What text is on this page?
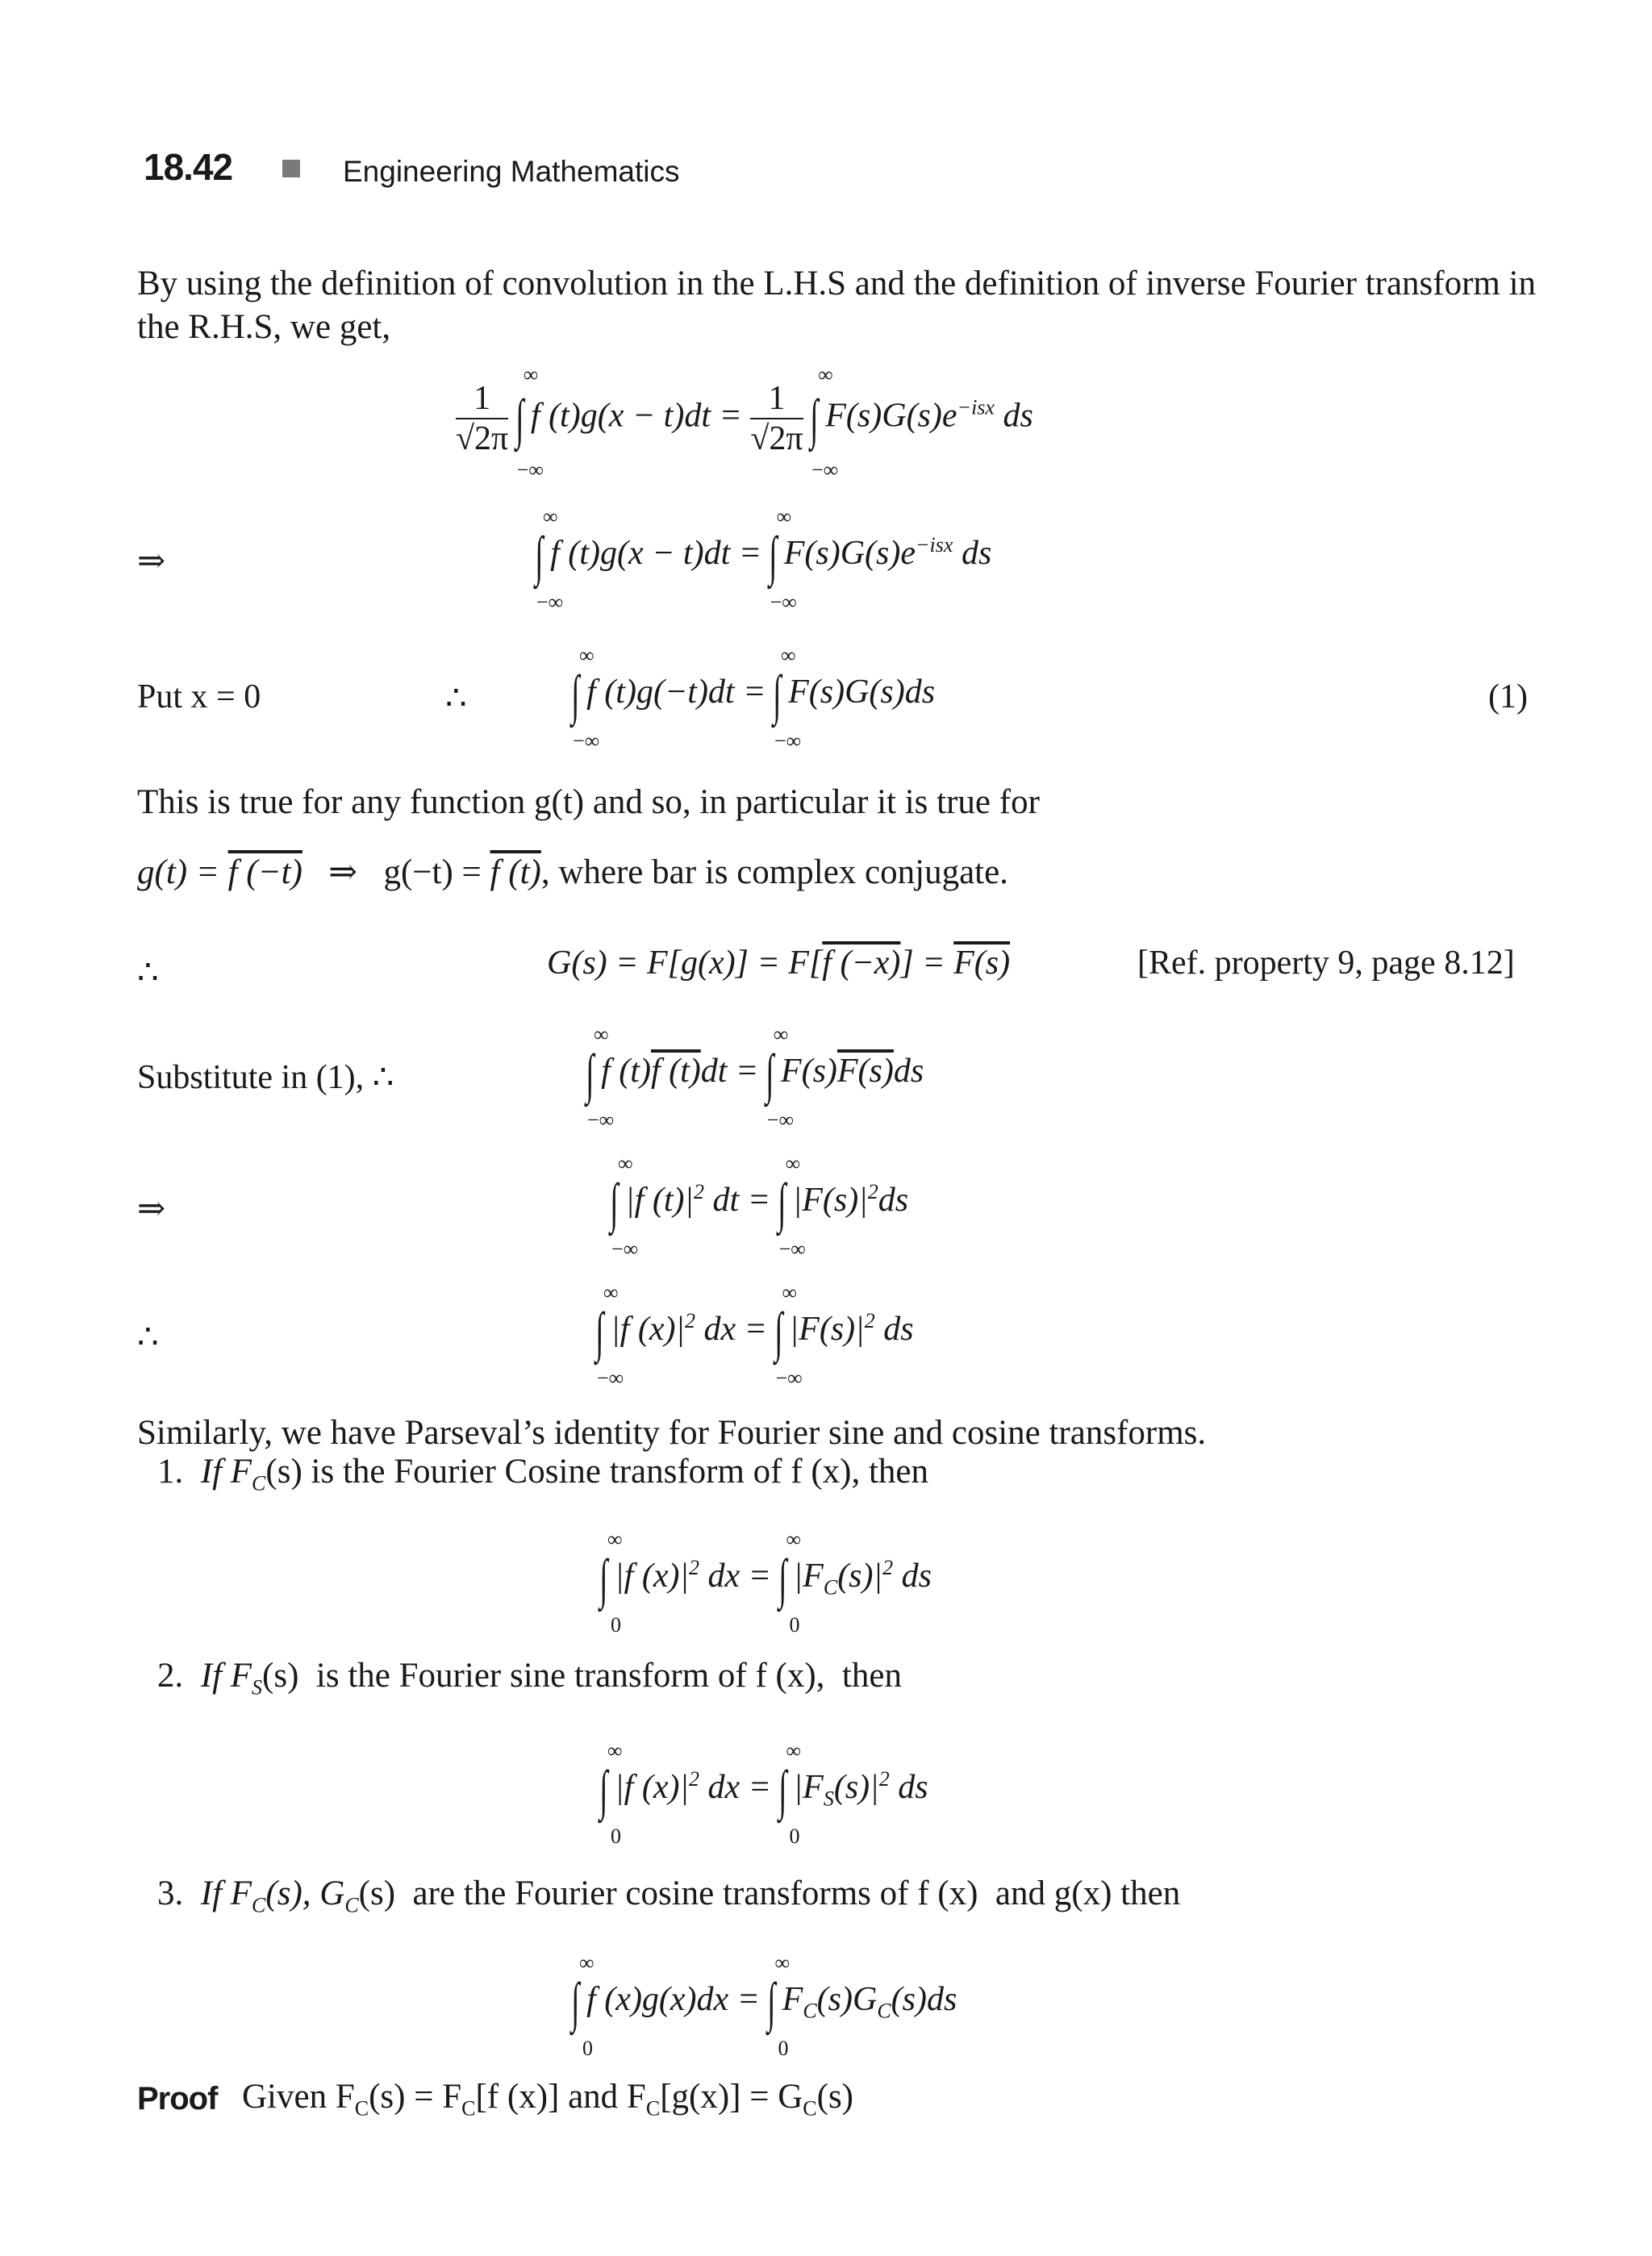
18.42	Engineering Mathematics
By using the definition of convolution in the L.H.S and the definition of inverse Fourier transform in the R.H.S, we get,
$\frac{1}{√2\pi}$

∞
∫
−∞
f $(t)g(x - t)dt = \frac{1}{√2\pi}$

∞
∫
−∞
$F(s)G(s)e^{-isx}$ ds
⇒
∞
∫
−∞
f (t)g(x − t)dt =
∞
∫
−∞
$F(s)G(s)e^{-isx}$ ds
Put x = 0	∴
∞
∫
−∞
f (t)g(−t)dt =
∞
∫
−∞
F(s)G(s)ds	(1)
This is true for any function g(t) and so, in particular it is true for
g(t) = f (−t)   ⇒   g(−t) = f (t), where bar is complex conjugate.
∴	G(s) = F[g(x)] = F[f (−x)] = F(s)	[Ref. property 9, page 8.12]
Substitute in (1), ∴
∞
∫
−∞
f (t)f (t)dt =
∞
∫
−∞
F(s)F(s)ds
⇒
∞
∫
−∞
|f $(t)|^2$ dt =
∞
∫
−∞
$|F(s)|^2ds$
∴
∞
∫
−∞
|f $(x)|^2$ dx =
∞
∫
−∞
$|F(s)|^2$ ds
Similarly, we have Parseval’s identity for Fourier sine and cosine transforms.
1. If $F_C(s)$ is the Fourier Cosine transform of f (x), then
∞
∫
0
|f $(x)|^2$ dx =
∞
∫
0
$|F_C(s)|^2$ ds
2. If $F_S(s)$  is the Fourier sine transform of f (x),  then
∞
∫
0
|f $(x)|^2$ dx =
∞
∫
0
$|F_S(s)|^2$ ds
3. If $F_C(s)$, $G_C(s)$  are the Fourier cosine transforms of f (x)  and g(x) then
∞
∫
0
f (x)g(x)dx =
∞
∫
0
$F_C(s)G_C(s)ds$
Proof Given $F_C(s) = F_C[f$ (x)] and $F_C[g(x)] = G_C(s)$
